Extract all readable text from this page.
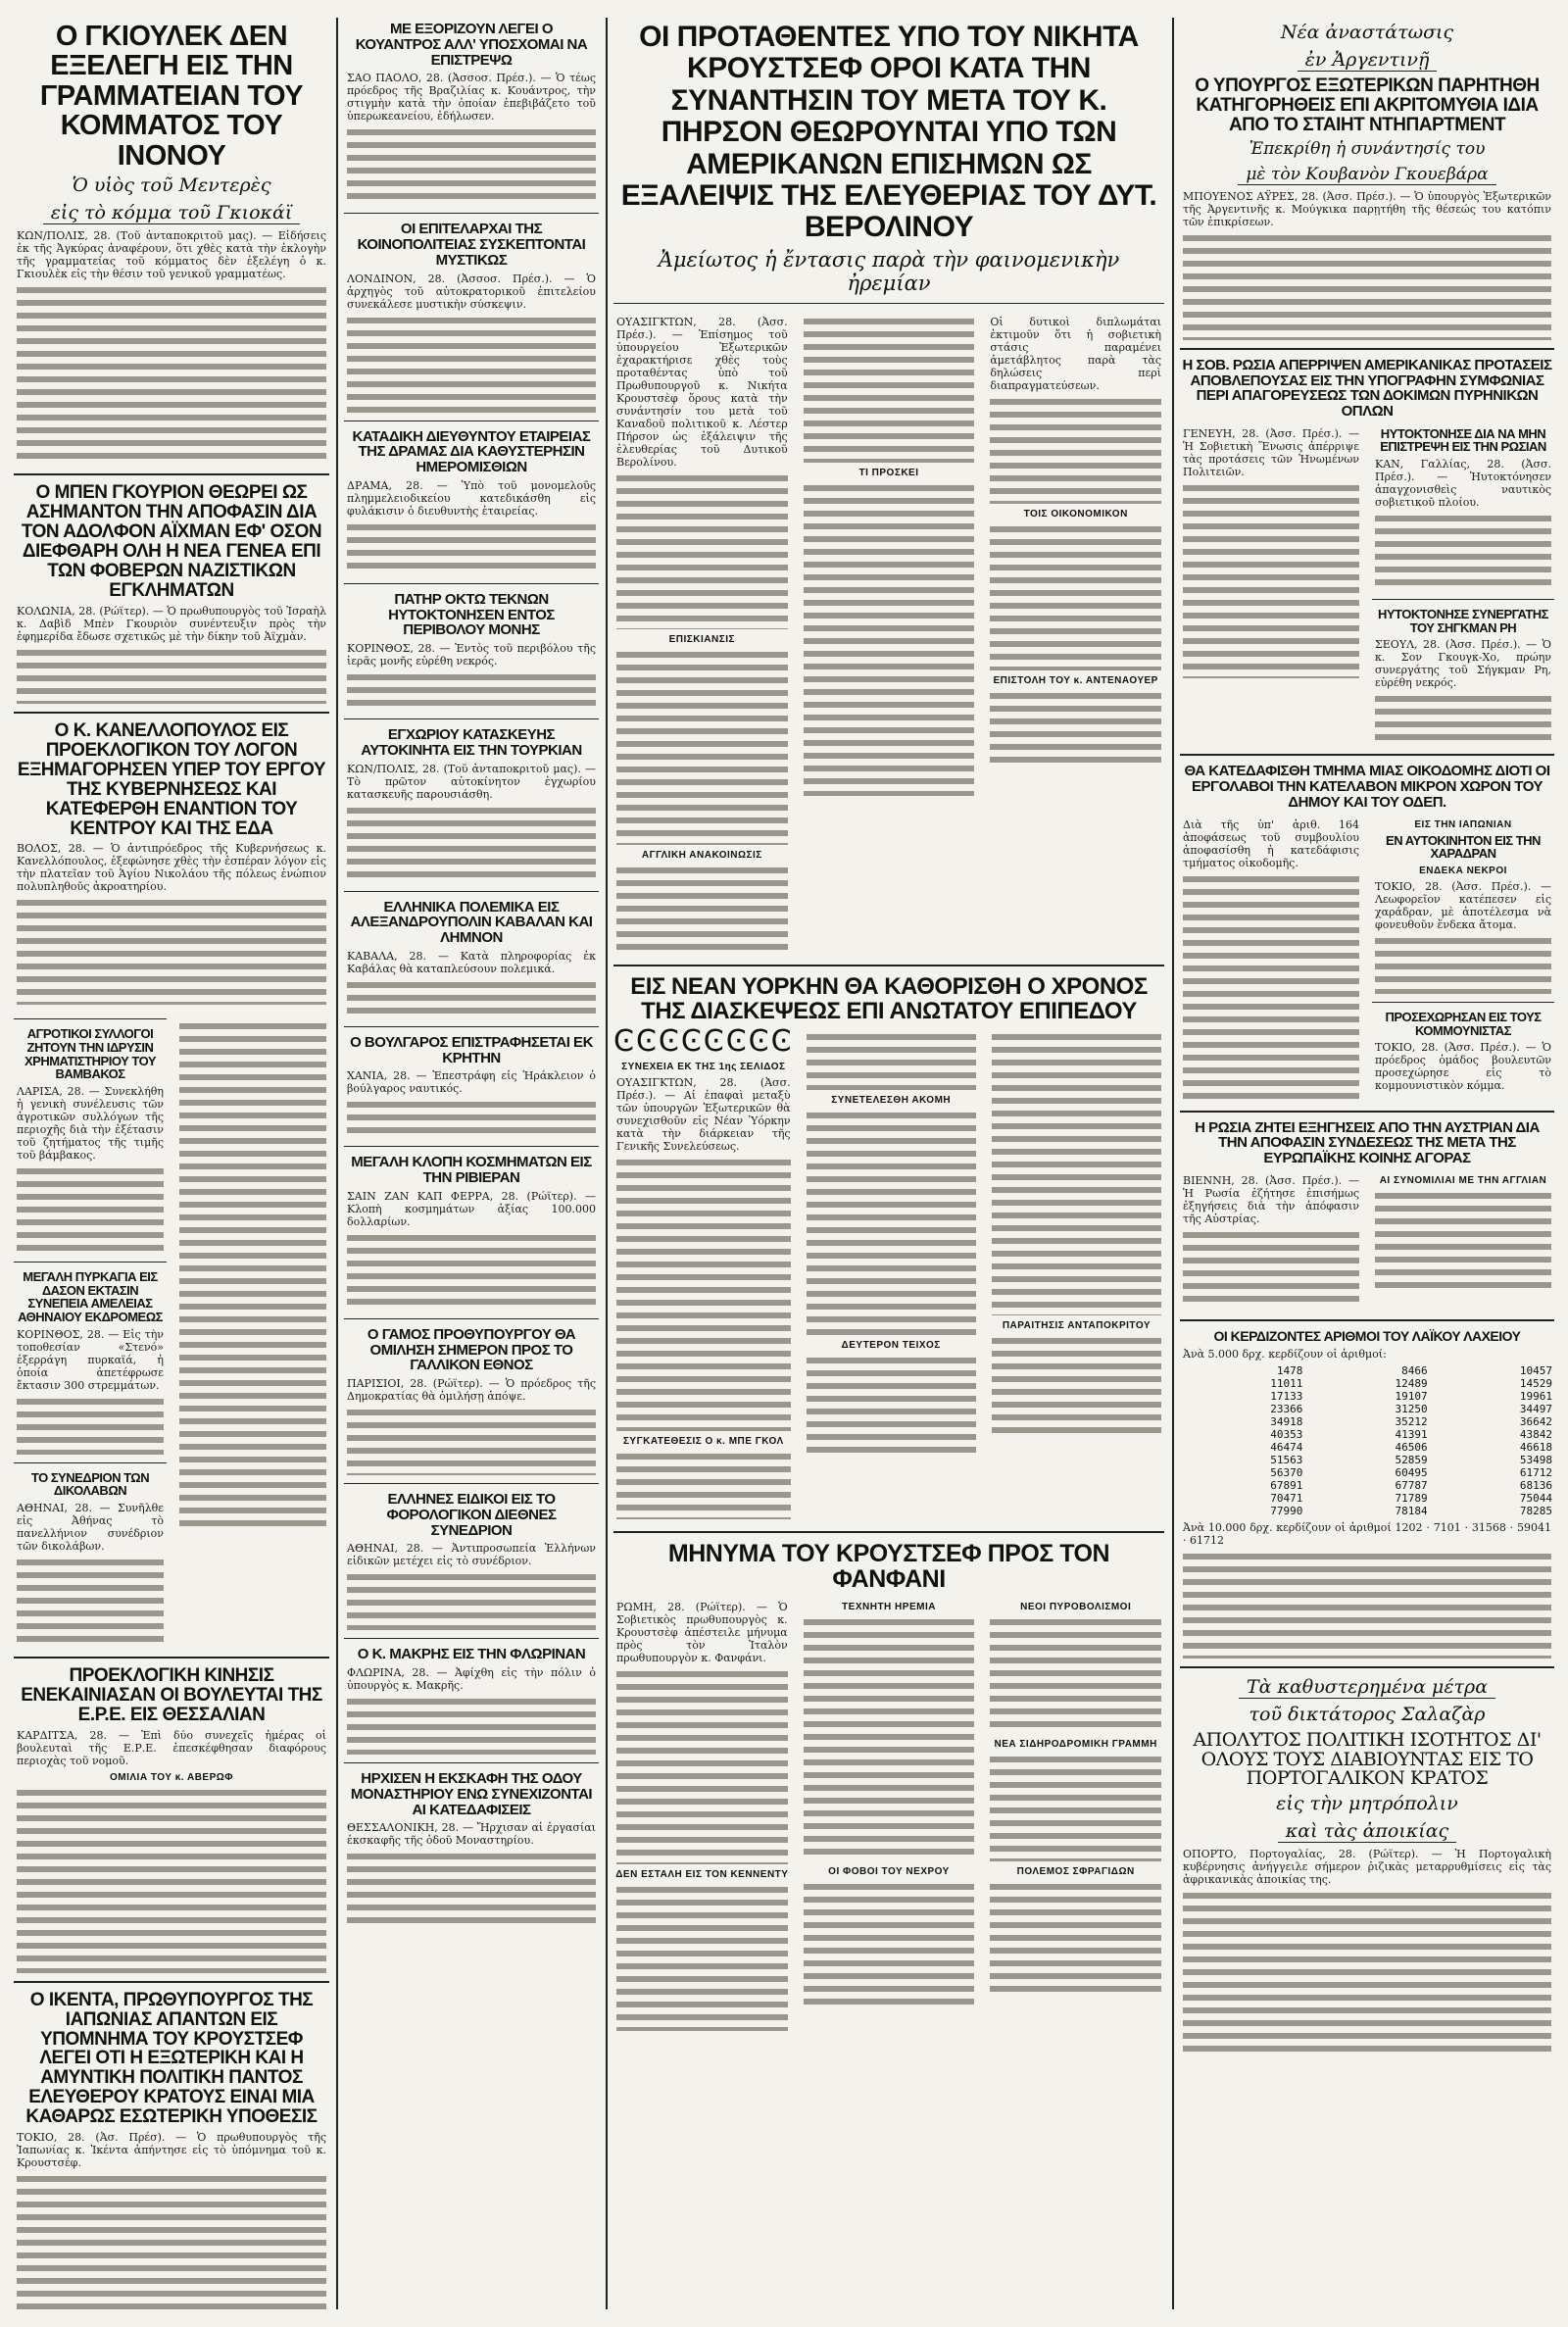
Ο ΓΚΙΟΥΛΕΚ ΔΕΝ ΕΞΕΛΕΓΗ ΕΙΣ ΤΗΝ ΓΡΑΜΜΑΤΕΙΑΝ ΤΟΥ ΚΟΜΜΑΤΟΣ ΤΟΥ ΙΝΟΝΟΥ
Ὁ υἱὸς τοῦ Μεντερὲς
εἰς τὸ κόμμα τοῦ Γκιοκάϊ
ΚΩΝ/ΠΟΛΙΣ, 28. (Τοῦ ἀνταποκριτοῦ μας). — Εἰδήσεις ἐκ τῆς Ἀγκύρας ἀναφέρουν, ὅτι χθὲς κατὰ τὴν ἐκλογὴν τῆς γραμματείας τοῦ κόμματος δὲν ἐξελέγη ὁ κ. Γκιουλὲκ εἰς τὴν θέσιν τοῦ γενικοῦ γραμματέως.
Ο ΜΠΕΝ ΓΚΟΥΡΙΟΝ ΘΕΩΡΕΙ ΩΣ ΑΣΗΜΑΝΤΟΝ ΤΗΝ ΑΠΟΦΑΣΙΝ ΔΙΑ ΤΟΝ ΑΔΟΛΦΟΝ ΑΪΧΜΑΝ ΕΦ' ΟΣΟΝ ΔΙΕΦΘΑΡΗ ΟΛΗ Η ΝΕΑ ΓΕΝΕΑ ΕΠΙ ΤΩΝ ΦΟΒΕΡΩΝ ΝΑΖΙΣΤΙΚΩΝ ΕΓΚΛΗΜΑΤΩΝ
ΚΟΛΩΝΙΑ, 28. (Ρώϊτερ). — Ὁ πρωθυπουργὸς τοῦ Ἰσραὴλ κ. Δαβὶδ Μπὲν Γκουριὸν συνέντευξιν πρὸς τὴν ἐφημερίδα ἔδωσε σχετικῶς μὲ τὴν δίκην τοῦ Ἀϊχμὰν.
Ο Κ. ΚΑΝΕΛΛΟΠΟΥΛΟΣ ΕΙΣ ΠΡΟΕΚΛΟΓΙΚΟΝ ΤΟΥ ΛΟΓΟΝ ΕΞΗΜΑΓΟΡΗΣΕΝ ΥΠΕΡ ΤΟΥ ΕΡΓΟΥ ΤΗΣ ΚΥΒΕΡΝΗΣΕΩΣ ΚΑΙ ΚΑΤΕΦΕΡΘΗ ΕΝΑΝΤΙΟΝ ΤΟΥ ΚΕΝΤΡΟΥ ΚΑΙ ΤΗΣ ΕΔΑ
ΒΟΛΟΣ, 28. — Ὁ ἀντιπρόεδρος τῆς Κυβερνήσεως κ. Κανελλόπουλος, ἐξεφώνησε χθὲς τὴν ἑσπέραν λόγον εἰς τὴν πλατεῖαν τοῦ Ἁγίου Νικολάου τῆς πόλεως ἐνώπιον πολυπληθοῦς ἀκροατηρίου.
ΑΓΡΟΤΙΚΟΙ ΣΥΛΛΟΓΟΙ ΖΗΤΟΥΝ ΤΗΝ ΙΔΡΥΣΙΝ ΧΡΗΜΑΤΙΣΤΗΡΙΟΥ ΤΟΥ ΒΑΜΒΑΚΟΣ
ΛΑΡΙΣΑ, 28. — Συνεκλήθη ἡ γενικὴ συνέλευσις τῶν ἀγροτικῶν συλλόγων τῆς περιοχῆς διὰ τὴν ἐξέτασιν τοῦ ζητήματος τῆς τιμῆς τοῦ βάμβακος.
ΜΕΓΑΛΗ ΠΥΡΚΑΓΙΑ ΕΙΣ ΔΑΣΟΝ ΕΚΤΑΣΙΝ ΣΥΝΕΠΕΙΑ ΑΜΕΛΕΙΑΣ ΑΘΗΝΑΙΟΥ ΕΚΔΡΟΜΕΩΣ
ΚΟΡΙΝΘΟΣ, 28. — Εἰς τὴν τοποθεσίαν «Στενό» ἐξερράγη πυρκαϊά, ἡ ὁποία ἀπετέφρωσε ἔκτασιν 300 στρεμμάτων.
ΤΟ ΣΥΝΕΔΡΙΟΝ ΤΩΝ ΔΙΚΟΛΑΒΩΝ
ΑΘΗΝΑΙ, 28. — Συνῆλθε εἰς Ἀθήνας τὸ πανελλήνιον συνέδριον τῶν δικολάβων.
ΠΡΟΕΚΛΟΓΙΚΗ ΚΙΝΗΣΙΣ ΕΝΕΚΑΙΝΙΑΣΑΝ ΟΙ ΒΟΥΛΕΥΤΑΙ ΤΗΣ Ε.Ρ.Ε. ΕΙΣ ΘΕΣΣΑΛΙΑΝ
ΚΑΡΔΙΤΣΑ, 28. — Ἐπὶ δύο συνεχεῖς ἡμέρας οἱ βουλευταὶ τῆς Ε.Ρ.Ε. ἐπεσκέφθησαν διαφόρους περιοχὰς τοῦ νομοῦ.
ΟΜΙΛΙΑ ΤΟΥ κ. ΑΒΕΡΩΦ
Ο ΙΚΕΝΤΑ, ΠΡΩΘΥΠΟΥΡΓΟΣ ΤΗΣ ΙΑΠΩΝΙΑΣ ΑΠΑΝΤΩΝ ΕΙΣ ΥΠΟΜΝΗΜΑ ΤΟΥ ΚΡΟΥΣΤΣΕΦ ΛΕΓΕΙ ΟΤΙ Η ΕΞΩΤΕΡΙΚΗ ΚΑΙ Η ΑΜΥΝΤΙΚΗ ΠΟΛΙΤΙΚΗ ΠΑΝΤΟΣ ΕΛΕΥΘΕΡΟΥ ΚΡΑΤΟΥΣ ΕΙΝΑΙ ΜΙΑ ΚΑΘΑΡΩΣ ΕΣΩΤΕΡΙΚΗ ΥΠΟΘΕΣΙΣ
ΤΟΚΙΟ, 28. (Ἀσ. Πρέσ). — Ὁ πρωθυπουργὸς τῆς Ἰαπωνίας κ. Ἰκέντα ἀπήντησε εἰς τὸ ὑπόμνημα τοῦ κ. Κρουστσέφ.
ΜΕ ΕΞΟΡΙΖΟΥΝ ΛΕΓΕΙ Ο ΚΟΥΑΝΤΡΟΣ ΑΛΛ' ΥΠΟΣΧΟΜΑΙ ΝΑ ΕΠΙΣΤΡΕΨΩ
ΣΑΟ ΠΑΟΛΟ, 28. (Ἀσσοσ. Πρέσ.). — Ὁ τέως πρόεδρος τῆς Βραζιλίας κ. Κουάντρος, τὴν στιγμὴν κατὰ τὴν ὁποίαν ἐπεβιβάζετο τοῦ ὑπερωκεανείου, ἐδήλωσεν.
ΟΙ ΕΠΙΤΕΛΑΡΧΑΙ ΤΗΣ ΚΟΙΝΟΠΟΛΙΤΕΙΑΣ ΣΥΣΚΕΠΤΟΝΤΑΙ ΜΥΣΤΙΚΩΣ
ΛΟΝΔΙΝΟΝ, 28. (Ἀσσοσ. Πρέσ.). — Ὁ ἀρχηγὸς τοῦ αὐτοκρατορικοῦ ἐπιτελείου συνεκάλεσε μυστικὴν σύσκεψιν.
ΚΑΤΑΔΙΚΗ ΔΙΕΥΘΥΝΤΟΥ ΕΤΑΙΡΕΙΑΣ ΤΗΣ ΔΡΑΜΑΣ ΔΙΑ ΚΑΘΥΣΤΕΡΗΣΙΝ ΗΜΕΡΟΜΙΣΘΙΩΝ
ΔΡΑΜΑ, 28. — Ὑπὸ τοῦ μονομελοῦς πλημμελειοδικείου κατεδικάσθη εἰς φυλάκισιν ὁ διευθυντὴς ἑταιρείας.
ΠΑΤΗΡ ΟΚΤΩ ΤΕΚΝΩΝ ΗΥΤΟΚΤΟΝΗΣΕΝ ΕΝΤΟΣ ΠΕΡΙΒΟΛΟΥ ΜΟΝΗΣ
ΚΟΡΙΝΘΟΣ, 28. — Ἐντὸς τοῦ περιβόλου τῆς ἱερᾶς μονῆς εὑρέθη νεκρός.
ΕΓΧΩΡΙΟΥ ΚΑΤΑΣΚΕΥΗΣ ΑΥΤΟΚΙΝΗΤΑ ΕΙΣ ΤΗΝ ΤΟΥΡΚΙΑΝ
ΚΩΝ/ΠΟΛΙΣ, 28. (Τοῦ ἀνταποκριτοῦ μας). — Τὸ πρῶτον αὐτοκίνητον ἐγχωρίου κατασκευῆς παρουσιάσθη.
ΕΛΛΗΝΙΚΑ ΠΟΛΕΜΙΚΑ ΕΙΣ ΑΛΕΞΑΝΔΡΟΥΠΟΛΙΝ ΚΑΒΑΛΑΝ ΚΑΙ ΛΗΜΝΟΝ
ΚΑΒΑΛΑ, 28. — Κατὰ πληροφορίας ἐκ Καβάλας θὰ καταπλεύσουν πολεμικά.
Ο ΒΟΥΛΓΑΡΟΣ ΕΠΙΣΤΡΑΦΗΣΕΤΑΙ ΕΚ ΚΡΗΤΗΝ
ΧΑΝΙΑ, 28. — Ἐπεστράφη εἰς Ἡράκλειον ὁ βούλγαρος ναυτικός.
ΜΕΓΑΛΗ ΚΛΟΠΗ ΚΟΣΜΗΜΑΤΩΝ ΕΙΣ ΤΗΝ ΡΙΒΙΕΡΑΝ
ΣΑΙΝ ΖΑΝ ΚΑΠ ΦΕΡΡΑ, 28. (Ρώϊτερ). — Κλοπὴ κοσμημάτων ἀξίας 100.000 δολλαρίων.
Ο ΓΑΜΟΣ ΠΡΟΘΥΠΟΥΡΓΟΥ ΘΑ ΟΜΙΛΗΣΗ ΣΗΜΕΡΟΝ ΠΡΟΣ ΤΟ ΓΑΛΛΙΚΟΝ ΕΘΝΟΣ
ΠΑΡΙΣΙΟΙ, 28. (Ρώϊτερ). — Ὁ πρόεδρος τῆς Δημοκρατίας θὰ ὁμιλήσῃ ἀπόψε.
ΕΛΛΗΝΕΣ ΕΙΔΙΚΟΙ ΕΙΣ ΤΟ ΦΟΡΟΛΟΓΙΚΟΝ ΔΙΕΘΝΕΣ ΣΥΝΕΔΡΙΟΝ
ΑΘΗΝΑΙ, 28. — Ἀντιπροσωπεία Ἑλλήνων εἰδικῶν μετέχει εἰς τὸ συνέδριον.
Ο Κ. ΜΑΚΡΗΣ ΕΙΣ ΤΗΝ ΦΛΩΡΙΝΑΝ
ΦΛΩΡΙΝΑ, 28. — Ἀφίχθη εἰς τὴν πόλιν ὁ ὑπουργὸς κ. Μακρῆς.
ΗΡΧΙΣΕΝ Η ΕΚΣΚΑΦΗ ΤΗΣ ΟΔΟΥ ΜΟΝΑΣΤΗΡΙΟΥ ΕΝΩ ΣΥΝΕΧΙΖΟΝΤΑΙ ΑΙ ΚΑΤΕΔΑΦΙΣΕΙΣ
ΘΕΣΣΑΛΟΝΙΚΗ, 28. — Ἤρχισαν αἱ ἐργασίαι ἐκσκαφῆς τῆς ὁδοῦ Μοναστηρίου.
ΟΙ ΠΡΟΤΑΘΕΝΤΕΣ ΥΠΟ ΤΟΥ ΝΙΚΗΤΑ ΚΡΟΥΣΤΣΕΦ ΟΡΟΙ ΚΑΤΑ ΤΗΝ ΣΥΝΑΝΤΗΣΙΝ ΤΟΥ ΜΕΤΑ ΤΟΥ Κ. ΠΗΡΣΟΝ ΘΕΩΡΟΥΝΤΑΙ ΥΠΟ ΤΩΝ ΑΜΕΡΙΚΑΝΩΝ ΕΠΙΣΗΜΩΝ ΩΣ ΕΞΑΛΕΙΨΙΣ ΤΗΣ ΕΛΕΥΘΕΡΙΑΣ ΤΟΥ ΔΥΤ. ΒΕΡΟΛΙΝΟΥ
Ἀμείωτος ἡ ἔντασις παρὰ τὴν φαινομενικὴν ἠρεμίαν
ΟΥΑΣΙΓΚΤΩΝ, 28. (Ἀσσ. Πρέσ.). — Ἐπίσημος τοῦ ὑπουργείου Ἐξωτερικῶν ἐχαρακτήρισε χθὲς τοὺς προταθέντας ὑπὸ τοῦ Πρωθυπουργοῦ κ. Νικήτα Κρουστσὲφ ὅρους κατὰ τὴν συνάντησίν του μετὰ τοῦ Καναδοῦ πολιτικοῦ κ. Λέστερ Πήρσον ὡς ἐξάλειψιν τῆς ἐλευθερίας τοῦ Δυτικοῦ Βερολίνου.
ΕΠΙΣΚΙΑΝΣΙΣ
ΑΓΓΛΙΚΗ ΑΝΑΚΟΙΝΩΣΙΣ
ΤΙ ΠΡΟΣΚΕΙ
Οἱ δυτικοὶ διπλωμάται ἐκτιμοῦν ὅτι ἡ σοβιετικὴ στάσις παραμένει ἀμετάβλητος παρὰ τὰς δηλώσεις περὶ διαπραγματεύσεων.
ΤΟΙΣ ΟΙΚΟΝΟΜΙΚΟΝ
ΕΠΙΣΤΟΛΗ ΤΟΥ κ. ΑΝΤΕΝΑΟΥΕΡ
ΕΙΣ ΝΕΑΝ ΥΟΡΚΗΝ ΘΑ ΚΑΘΟΡΙΣΘΗ Ο ΧΡΟΝΟΣ ΤΗΣ ΔΙΑΣΚΕΨΕΩΣ ΕΠΙ ΑΝΩΤΑΤΟΥ ΕΠΙΠΕΔΟΥ
ϾϾϾϾϾϾϾϾ
ΣΥΝΕΧΕΙΑ ΕΚ ΤΗΣ 1ης ΣΕΛΙΔΟΣ
ΟΥΑΣΙΓΚΤΩΝ, 28. (Ἀσσ. Πρέσ.). — Αἱ ἐπαφαὶ μεταξὺ τῶν ὑπουργῶν Ἐξωτερικῶν θὰ συνεχισθοῦν εἰς Νέαν Ὑόρκην κατὰ τὴν διάρκειαν τῆς Γενικῆς Συνελεύσεως.
ΣΥΓΚΑΤΕΘΕΣΙΣ Ο κ. ΜΠΕ ΓΚΟΛ
ΣΥΝΕΤΕΛΕΣΘΗ ΑΚΟΜΗ
ΔΕΥΤΕΡΟΝ ΤΕΙΧΟΣ
ΠΑΡΑΙΤΗΣΙΣ ΑΝΤΑΠΟΚΡΙΤΟΥ
ΜΗΝΥΜΑ ΤΟΥ ΚΡΟΥΣΤΣΕΦ ΠΡΟΣ ΤΟΝ ΦΑΝΦΑΝΙ
ΡΩΜΗ, 28. (Ρώϊτερ). — Ὁ Σοβιετικὸς πρωθυπουργὸς κ. Κρουστσὲφ ἀπέστειλε μήνυμα πρὸς τὸν Ἰταλὸν πρωθυπουργὸν κ. Φανφάνι.
ΔΕΝ ΕΣΤΑΛΗ ΕΙΣ ΤΟΝ ΚΕΝΝΕΝΤΥ
ΤΕΧΝΗΤΗ ΗΡΕΜΙΑ
ΟΙ ΦΟΒΟΙ ΤΟΥ ΝΕΧΡΟΥ
ΝΕΟΙ ΠΥΡΟΒΟΛΙΣΜΟΙ
ΝΕΑ ΣΙΔΗΡΟΔΡΟΜΙΚΗ ΓΡΑΜΜΗ
ΠΟΛΕΜΟΣ ΣΦΡΑΓΙΔΩΝ
Νέα ἀναστάτωσις
ἐν Ἀργεντινῇ
Ο ΥΠΟΥΡΓΟΣ ΕΞΩΤΕΡΙΚΩΝ ΠΑΡΗΤΗΘΗ ΚΑΤΗΓΟΡΗΘΕΙΣ ΕΠΙ ΑΚΡΙΤΟΜΥΘΙΑ ΙΔΙΑ ΑΠΟ ΤΟ ΣΤΑΙΗΤ ΝΤΗΠΑΡΤΜΕΝΤ
Ἐπεκρίθη ἡ συνάντησίς του
μὲ τὸν Κουβανὸν Γκουεβάρα
ΜΠΟΥΕΝΟΣ ΑΫΡΕΣ, 28. (Ἀσσ. Πρέσ.). — Ὁ ὑπουργὸς Ἐξωτερικῶν τῆς Ἀργεντινῆς κ. Μούγκικα παρῃτήθη τῆς θέσεώς του κατόπιν τῶν ἐπικρίσεων.
Η ΣΟΒ. ΡΩΣΙΑ ΑΠΕΡΡΙΨΕΝ ΑΜΕΡΙΚΑΝΙΚΑΣ ΠΡΟΤΑΣΕΙΣ ΑΠΟΒΛΕΠΟΥΣΑΣ ΕΙΣ ΤΗΝ ΥΠΟΓΡΑΦΗΝ ΣΥΜΦΩΝΙΑΣ ΠΕΡΙ ΑΠΑΓΟΡΕΥΣΕΩΣ ΤΩΝ ΔΟΚΙΜΩΝ ΠΥΡΗΝΙΚΩΝ ΟΠΛΩΝ
ΓΕΝΕΥΗ, 28. (Ἀσσ. Πρέσ.). — Ἡ Σοβιετικὴ Ἕνωσις ἀπέρριψε τὰς προτάσεις τῶν Ἡνωμένων Πολιτειῶν.
ΗΥΤΟΚΤΟΝΗΣΕ ΔΙΑ ΝΑ ΜΗΝ ΕΠΙΣΤΡΕΨΗ ΕΙΣ ΤΗΝ ΡΩΣΙΑΝ
ΚΑΝ, Γαλλίας, 28. (Ἀσσ. Πρέσ.). — Ἠυτοκτόνησεν ἀπαγχονισθεὶς ναυτικὸς σοβιετικοῦ πλοίου.
ΗΥΤΟΚΤΟΝΗΣΕ ΣΥΝΕΡΓΑΤΗΣ ΤΟΥ ΣΗΓΚΜΑΝ ΡΗ
ΣΕΟΥΛ, 28. (Ἀσσ. Πρέσ.). — Ὁ κ. Σον Γκουγκ-Χο, πρώην συνεργάτης τοῦ Σήγκμαν Ρη, εὑρέθη νεκρός.
ΘΑ ΚΑΤΕΔΑΦΙΣΘΗ ΤΜΗΜΑ ΜΙΑΣ ΟΙΚΟΔΟΜΗΣ ΔΙΟΤΙ ΟΙ ΕΡΓΟΛΑΒΟΙ ΤΗΝ ΚΑΤΕΛΑΒΟΝ ΜΙΚΡΟΝ ΧΩΡΟΝ ΤΟΥ ΔΗΜΟΥ ΚΑΙ ΤΟΥ ΟΔΕΠ.
Διὰ τῆς ὑπ' ἀριθ. 164 ἀποφάσεως τοῦ συμβουλίου ἀποφασίσθη ἡ κατεδάφισις τμήματος οἰκοδομῆς.
ΕΙΣ ΤΗΝ ΙΑΠΩΝΙΑΝ
ΕΝ ΑΥΤΟΚΙΝΗΤΟΝ ΕΙΣ ΤΗΝ ΧΑΡΑΔΡΑΝ
ΕΝΔΕΚΑ ΝΕΚΡΟΙ
ΤΟΚΙΟ, 28. (Ἀσσ. Πρέσ.). — Λεωφορεῖον κατέπεσεν εἰς χαράδραν, μὲ ἀποτέλεσμα νὰ φονευθοῦν ἕνδεκα ἄτομα.
ΠΡΟΣΕΧΩΡΗΣΑΝ ΕΙΣ ΤΟΥΣ ΚΟΜΜΟΥΝΙΣΤΑΣ
ΤΟΚΙΟ, 28. (Ἀσσ. Πρέσ.). — Ὁ πρόεδρος ὁμάδος βουλευτῶν προσεχώρησε εἰς τὸ κομμουνιστικὸν κόμμα.
Η ΡΩΣΙΑ ΖΗΤΕΙ ΕΞΗΓΗΣΕΙΣ ΑΠΟ ΤΗΝ ΑΥΣΤΡΙΑΝ ΔΙΑ ΤΗΝ ΑΠΟΦΑΣΙΝ ΣΥΝΔΕΣΕΩΣ ΤΗΣ ΜΕΤΑ ΤΗΣ ΕΥΡΩΠΑΪΚΗΣ ΚΟΙΝΗΣ ΑΓΟΡΑΣ
ΒΙΕΝΝΗ, 28. (Ἀσσ. Πρέσ.). — Ἡ Ρωσία ἐζήτησε ἐπισήμως ἐξηγήσεις διὰ τὴν ἀπόφασιν τῆς Αὐστρίας.
ΑΙ ΣΥΝΟΜΙΛΙΑΙ ΜΕ ΤΗΝ ΑΓΓΛΙΑΝ
ΟΙ ΚΕΡΔΙΖΟΝΤΕΣ ΑΡΙΘΜΟΙ ΤΟΥ ΛΑΪΚΟΥ ΛΑΧΕΙΟΥ
Ἀνὰ 5.000 δρχ. κερδίζουν οἱ ἀριθμοί:
1478	8466	10457
11011	12489	14529
17133	19107	19961
23366	31250	34497
34918	35212	36642
40353	41391	43842
46474	46506	46618
51563	52859	53498
56370	60495	61712
67891	67787	68136
70471	71789	75044
77990	78184	78285
Ἀνὰ 10.000 δρχ. κερδίζουν οἱ ἀριθμοί 1202 · 7101 · 31568 · 59041 · 61712
Τὰ καθυστερημένα μέτρα
τοῦ δικτάτορος Σαλαζὰρ
ΑΠΟΛΥΤΟΣ ΠΟΛΙΤΙΚΗ ΙΣΟΤΗΤΟΣ ΔΙ' ΟΛΟΥΣ ΤΟΥΣ ΔΙΑΒΙΟΥΝΤΑΣ ΕΙΣ ΤΟ ΠΟΡΤΟΓΑΛΙΚΟΝ ΚΡΑΤΟΣ
εἰς τὴν μητρόπολιν
καὶ τὰς ἀποικίας
ΟΠΟΡΤΟ, Πορτογαλίας, 28. (Ρώϊτερ). — Ἡ Πορτογαλικὴ κυβέρνησις ἀνήγγειλε σήμερον ῥιζικὰς μεταρρυθμίσεις εἰς τὰς ἀφρικανικὰς ἀποικίας της.
